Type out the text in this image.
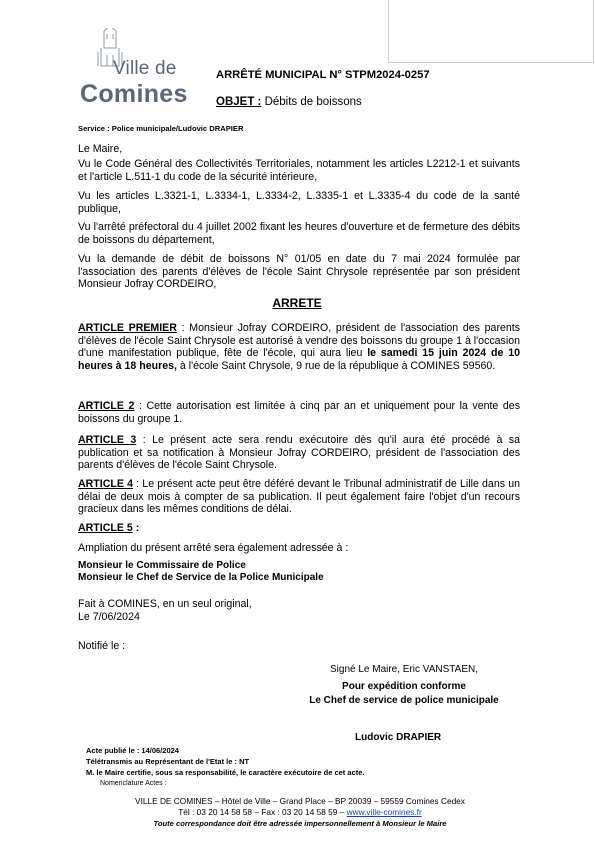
Ville de
Comines
ARRÊTÉ MUNICIPAL N° STPM2024-0257
OBJET : Débits de boissons
Service : Police municipale/Ludovic DRAPIER
Le Maire,

Vu le Code Général des Collectivités Territoriales, notamment les articles L2212-1 et suivants et l'article L.511-1 du code de la sécurité intérieure,

Vu les articles L.3321-1, L.3334-1, L.3334-2, L.3335-1 et L.3335-4 du code de la santé publique,

Vu l'arrêté préfectoral du 4 juillet 2002 fixant les heures d'ouverture et de fermeture des débits de boissons du département,

Vu la demande de débit de boissons N° 01/05 en date du 7 mai 2024 formulée par l'association des parents d'élèves de l'école Saint Chrysole représentée par son président Monsieur Jofray CORDEIRO,

ARRETE

ARTICLE PREMIER : Monsieur Jofray CORDEIRO, président de l'association des parents d'élèves de l'école Saint Chrysole est autorisé à vendre des boissons du groupe 1 à l'occasion d'une manifestation publique, fête de l'école, qui aura lieu le samedi 15 juin 2024 de 10 heures à 18 heures, à l'école Saint Chrysole, 9 rue de la république à COMINES 59560.

ARTICLE 2 : Cette autorisation est limitée à cinq par an et uniquement pour la vente des boissons du groupe 1.

ARTICLE 3 : Le présent acte sera rendu exécutoire dès qu'il aura été procédé à sa publication et sa notification à Monsieur Jofray CORDEIRO, président de l'association des parents d'élèves de l'école Saint Chrysole.

ARTICLE 4 : Le présent acte peut être déféré devant le Tribunal administratif de Lille dans un délai de deux mois à compter de sa publication. Il peut également faire l'objet d'un recours gracieux dans les mêmes conditions de délai.

ARTICLE 5 :

Ampliation du présent arrêté sera également adressée à :
Monsieur le Commissaire de Police
Monsieur le Chef de Service de la Police Municipale
Fait à COMINES, en un seul original,
Le 7/06/2024
Notifié le :
Signé Le Maire, Eric VANSTAEN,
Pour expédition conforme
Le Chef de service de police municipale
Ludovic DRAPIER
Acte publié le : 14/06/2024
Télétransmis au Représentant de l'Etat le : NT
M. le Maire certifie, sous sa responsabilité, le caractère exécutoire de cet acte.
Nomenclature Actes :
VILLE DE COMINES – Hôtel de Ville – Grand Place – BP 20039 – 59559 Comines Cedex
Tél : 03 20 14 58 58 – Fax : 03 20 14 58 59 – www.ville-comines.fr
Toute correspondance doit être adressée impersonnellement à Monsieur le Maire
